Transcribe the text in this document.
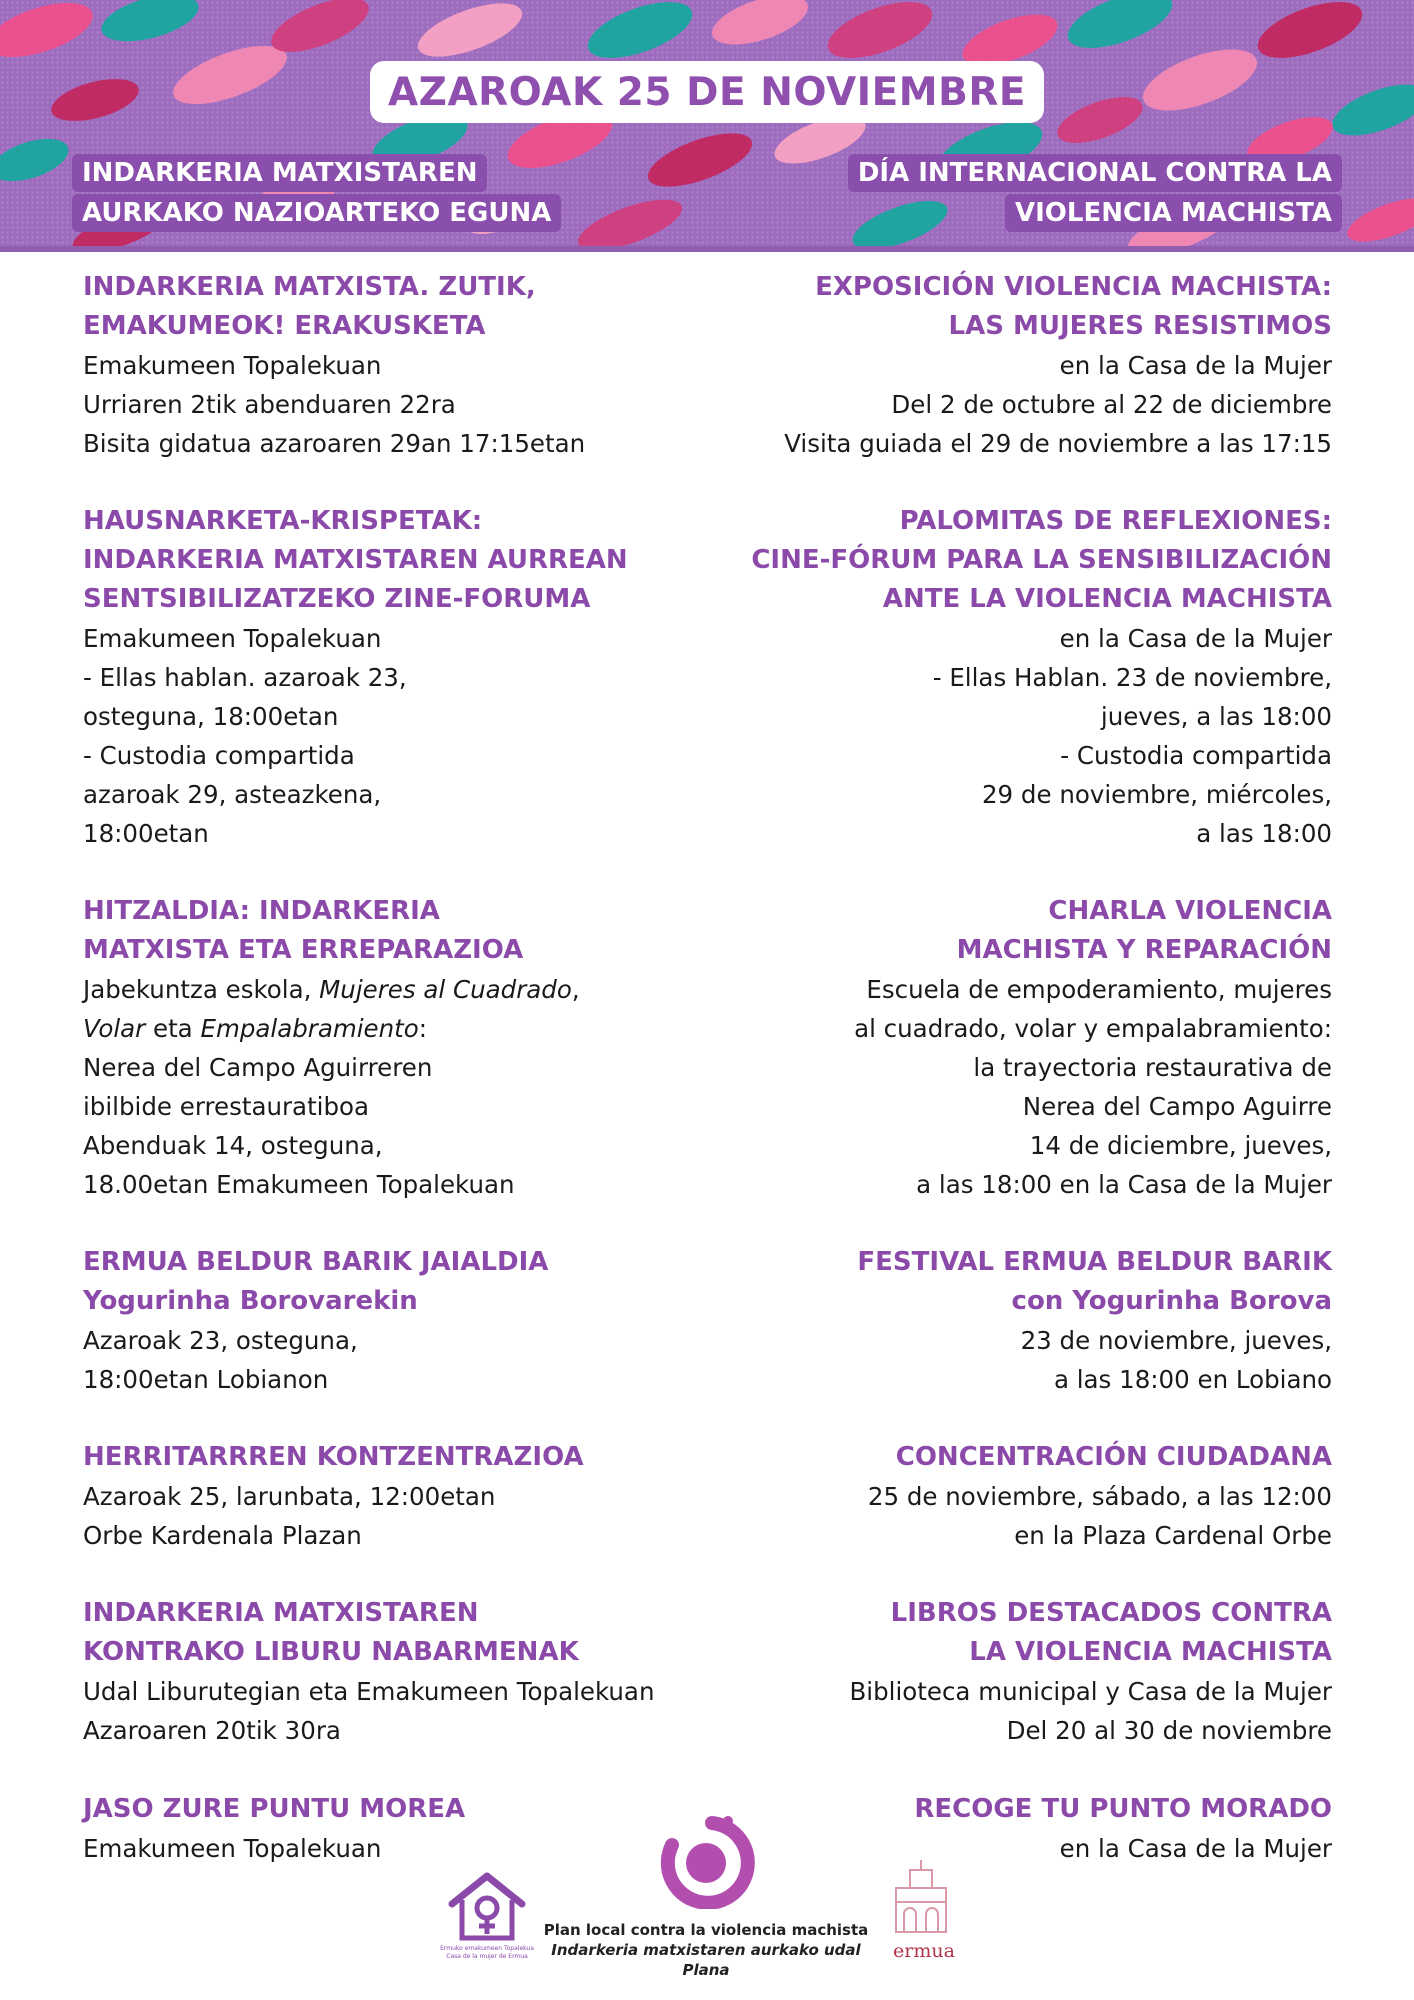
AZAROAK 25 DE NOVIEMBRE
INDARKERIA MATXISTAREN
AURKAKO NAZIOARTEKO EGUNA
DÍA INTERNACIONAL CONTRA LA
VIOLENCIA MACHISTA
INDARKERIA MATXISTA. ZUTIK,
EMAKUMEOK! ERAKUSKETA
Emakumeen Topalekuan
Urriaren 2tik abenduaren 22ra
Bisita gidatua azaroaren 29an 17:15etan
HAUSNARKETA-KRISPETAK:
INDARKERIA MATXISTAREN AURREAN
SENTSIBILIZATZEKO ZINE-FORUMA
Emakumeen Topalekuan
- Ellas hablan. azaroak 23,
osteguna, 18:00etan
- Custodia compartida
azaroak 29, asteazkena,
18:00etan
HITZALDIA: INDARKERIA
MATXISTA ETA ERREPARAZIOA
Jabekuntza eskola, Mujeres al Cuadrado,
Volar eta Empalabramiento:
Nerea del Campo Aguirreren
ibilbide errestauratiboa
Abenduak 14, osteguna,
18.00etan Emakumeen Topalekuan
ERMUA BELDUR BARIK JAIALDIA
Yogurinha Borovarekin
Azaroak 23, osteguna,
18:00etan Lobianon
HERRITARRREN KONTZENTRAZIOA
Azaroak 25, larunbata, 12:00etan
Orbe Kardenala Plazan
INDARKERIA MATXISTAREN
KONTRAKO LIBURU NABARMENAK
Udal Liburutegian eta Emakumeen Topalekuan
Azaroaren 20tik 30ra
JASO ZURE PUNTU MOREA
Emakumeen Topalekuan
EXPOSICIÓN VIOLENCIA MACHISTA:
LAS MUJERES RESISTIMOS
en la Casa de la Mujer
Del 2 de octubre al 22 de diciembre
Visita guiada el 29 de noviembre a las 17:15
PALOMITAS DE REFLEXIONES:
CINE-FÓRUM PARA LA SENSIBILIZACIÓN
ANTE LA VIOLENCIA MACHISTA
en la Casa de la Mujer
- Ellas Hablan. 23 de noviembre,
jueves, a las 18:00
- Custodia compartida
29 de noviembre, miércoles,
a las 18:00
CHARLA VIOLENCIA
MACHISTA Y REPARACIÓN
Escuela de empoderamiento, mujeres
al cuadrado, volar y empalabramiento:
la trayectoria restaurativa de
Nerea del Campo Aguirre
14 de diciembre, jueves,
a las 18:00 en la Casa de la Mujer
FESTIVAL ERMUA BELDUR BARIK
con Yogurinha Borova
23 de noviembre, jueves,
a las 18:00 en Lobiano
CONCENTRACIÓN CIUDADANA
25 de noviembre, sábado, a las 12:00
en la Plaza Cardenal Orbe
LIBROS DESTACADOS CONTRA
LA VIOLENCIA MACHISTA
Biblioteca municipal y Casa de la Mujer
Del 20 al 30 de noviembre
RECOGE TU PUNTO MORADO
en la Casa de la Mujer
Ermuko emakumeen Topalekua
Casa de la mujer de Ermua
Plan local contra la violencia machista
Indarkeria matxistaren aurkako udal Plana
ermua
